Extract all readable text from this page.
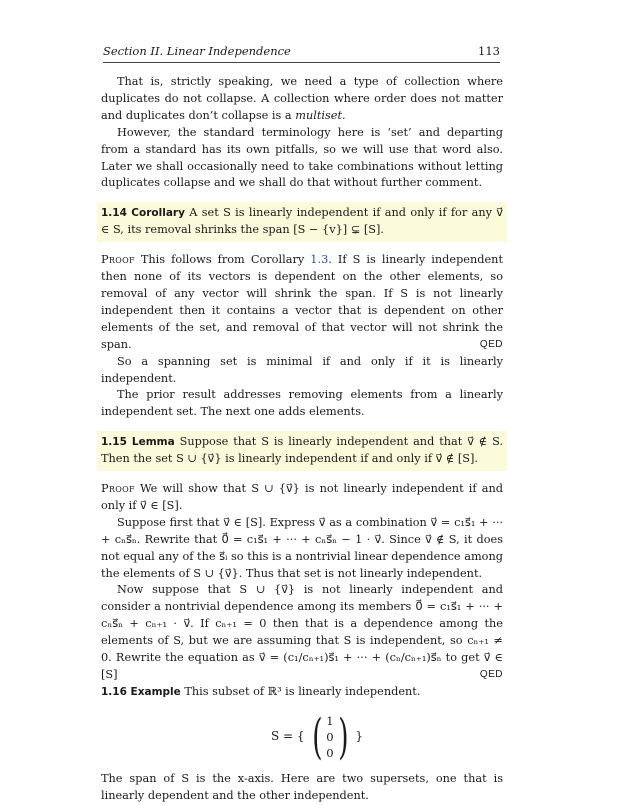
Section II. Linear Independence	113

That is, strictly speaking, we need a type of collection where duplicates do not collapse. A collection where order does not matter and duplicates don’t collapse is a multiset.

However, the standard terminology here is ‘set’ and departing from a standard has its own pitfalls, so we will use that word also. Later we shall occasionally need to take combinations without letting duplicates collapse and we shall do that without further comment.

1.14 Corollary A set S is linearly independent if and only if for any v⃗ ∈ S, its removal shrinks the span [S − {v}] ⊊ [S].

Proof This follows from Corollary 1.3. If S is linearly independent then none of its vectors is dependent on the other elements, so removal of any vector will shrink the span. If S is not linearly independent then it contains a vector that is dependent on other elements of the set, and removal of that vector will not shrink the span.	QED

So a spanning set is minimal if and only if it is linearly independent.

The prior result addresses removing elements from a linearly independent set. The next one adds elements.

1.15 Lemma Suppose that S is linearly independent and that v⃗ ∉ S. Then the set S ∪ {v⃗} is linearly independent if and only if v⃗ ∉ [S].

Proof We will show that S ∪ {v⃗} is not linearly independent if and only if v⃗ ∈ [S].

Suppose first that v⃗ ∈ [S]. Express v⃗ as a combination v⃗ = c₁s⃗₁ + ··· + cₙs⃗ₙ. Rewrite that 0⃗ = c₁s⃗₁ + ··· + cₙs⃗ₙ − 1 · v⃗. Since v⃗ ∉ S, it does not equal any of the s⃗ᵢ so this is a nontrivial linear dependence among the elements of S ∪ {v⃗}. Thus that set is not linearly independent.

Now suppose that S ∪ {v⃗} is not linearly independent and consider a nontrivial dependence among its members 0⃗ = c₁s⃗₁ + ··· + cₙs⃗ₙ + cₙ₊₁ · v⃗. If cₙ₊₁ = 0 then that is a dependence among the elements of S, but we are assuming that S is independent, so cₙ₊₁ ≠ 0. Rewrite the equation as v⃗ = (c₁/cₙ₊₁)s⃗₁ + ··· + (cₙ/cₙ₊₁)s⃗ₙ to get v⃗ ∈ [S]	QED

1.16 Example This subset of ℝ³ is linearly independent.

S = { ( 1
0
0 ) }

The span of S is the x-axis. Here are two supersets, one that is linearly dependent and the other independent.
